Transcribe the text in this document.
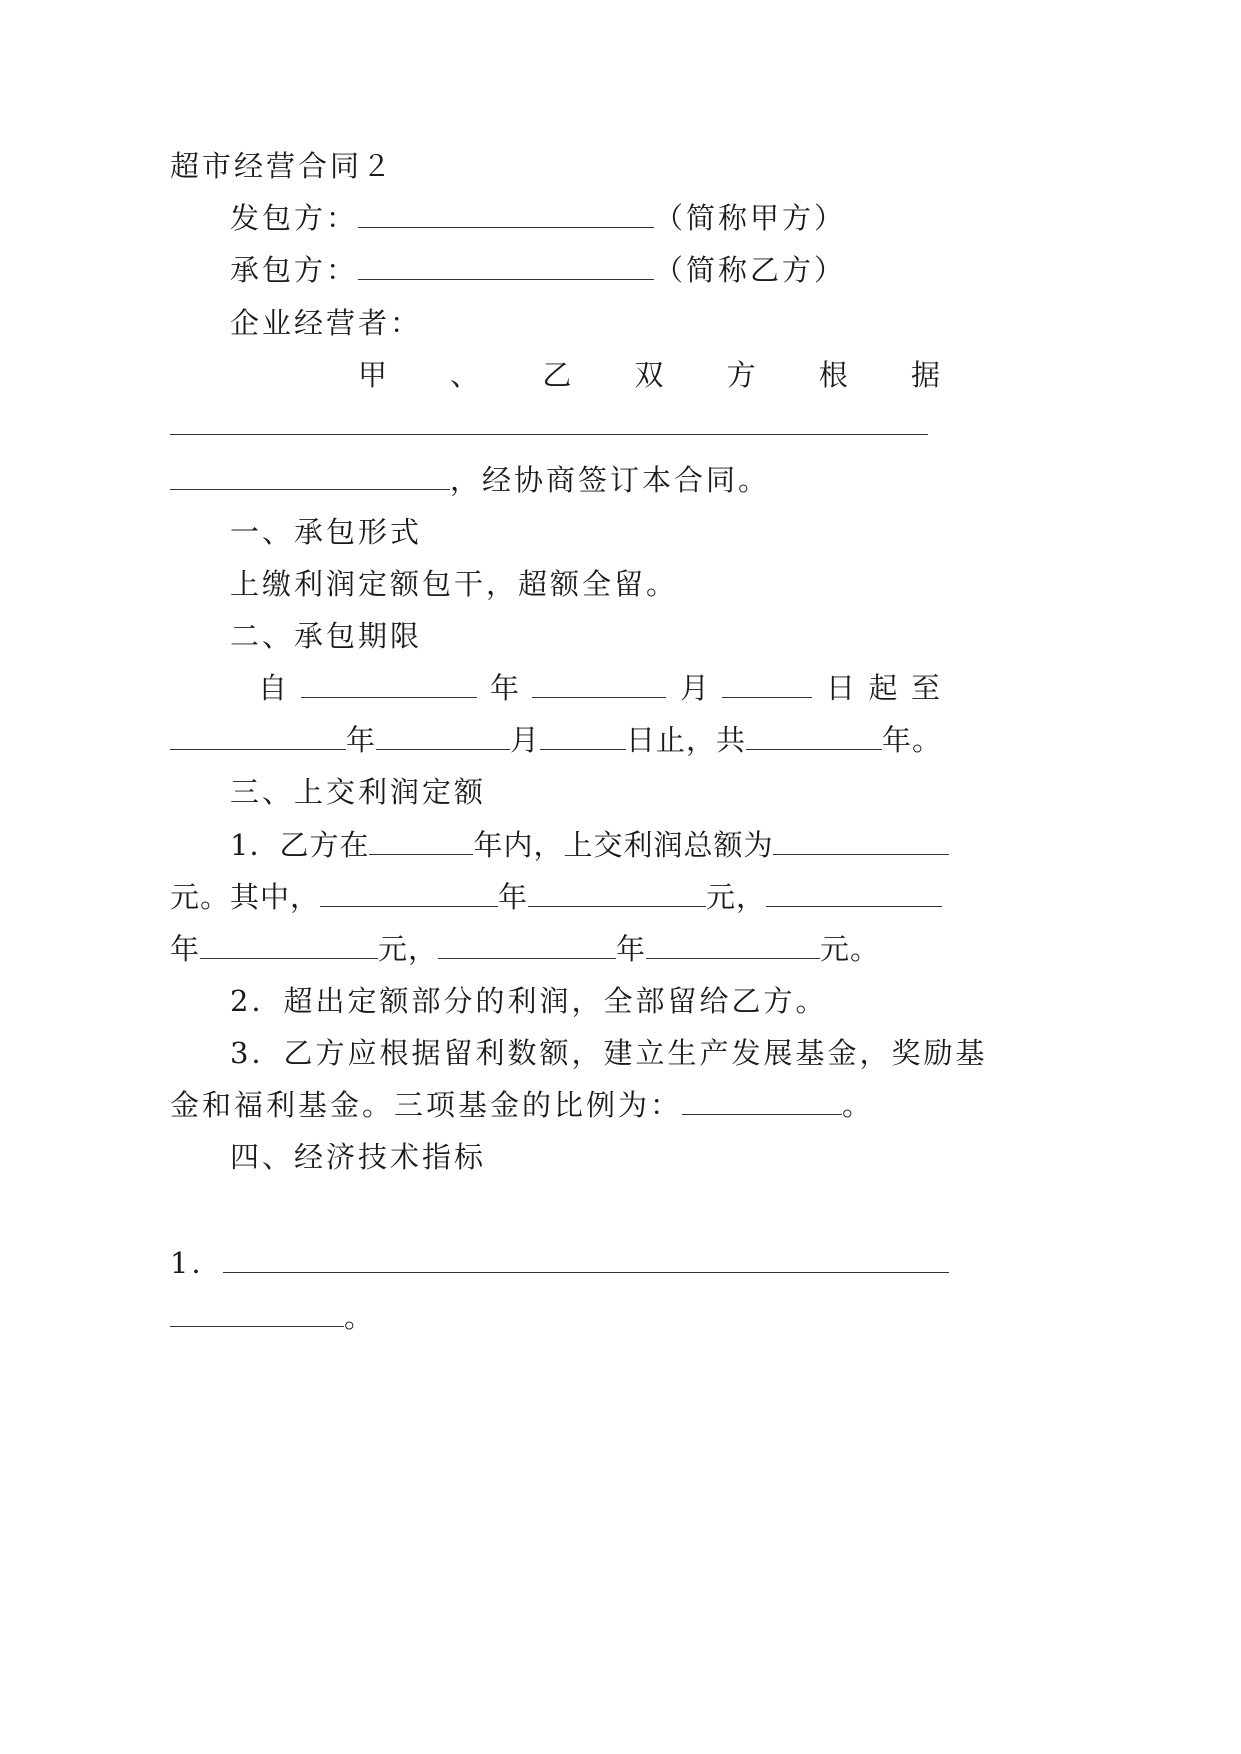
超市经营合同２
发包方：	（简称甲方）
承包方：	（简称乙方）
企业经营者：
甲 、 乙 双 方 根 据
，经协商签订本合同。
一、承包形式
上缴利润定额包干，超额全留。
二、承包期限
自	年	月	日 起 至
年	月	日止，共	年。
三、上交利润定额
1．乙方在	年内，上交利润总额为
元。其中，	年	元，
年	元，	年	元。
2．超出定额部分的利润，全部留给乙方。
3．乙方应根据留利数额，建立生产发展基金，奖励基
金和福利基金。三项基金的比例为：	。
四、经济技术指标
1．
。
